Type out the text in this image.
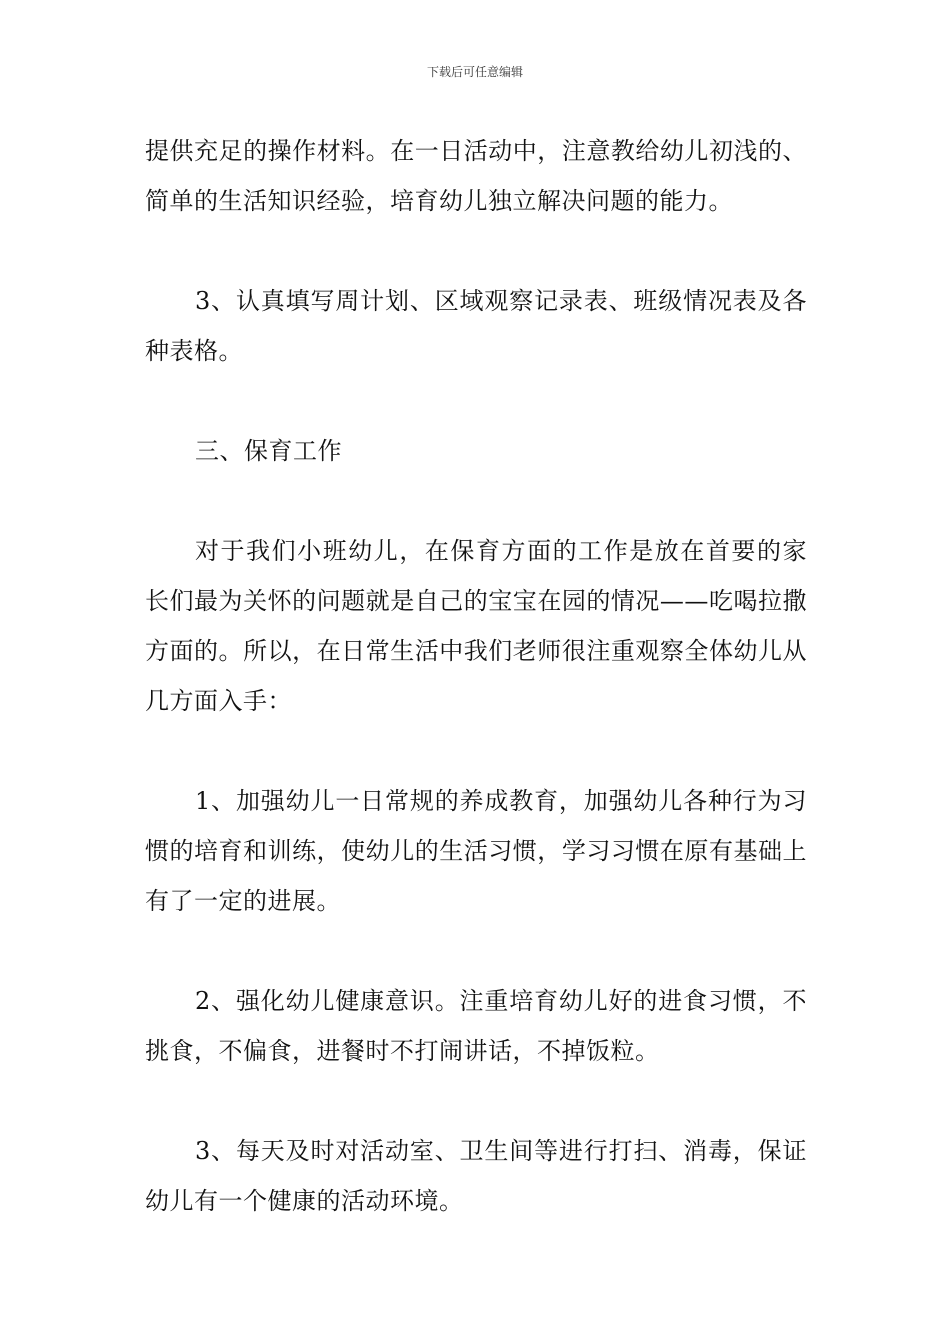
下载后可任意编辑

提供充足的操作材料。在一日活动中，注意教给幼儿初浅的、简单的生活知识经验，培育幼儿独立解决问题的能力。

3、认真填写周计划、区域观察记录表、班级情况表及各种表格。

三、保育工作

对于我们小班幼儿，在保育方面的工作是放在首要的家长们最为关怀的问题就是自己的宝宝在园的情况——吃喝拉撒方面的。所以，在日常生活中我们老师很注重观察全体幼儿从几方面入手：

1、加强幼儿一日常规的养成教育，加强幼儿各种行为习惯的培育和训练，使幼儿的生活习惯，学习习惯在原有基础上有了一定的进展。

2、强化幼儿健康意识。注重培育幼儿好的进食习惯，不挑食，不偏食，进餐时不打闹讲话，不掉饭粒。

3、每天及时对活动室、卫生间等进行打扫、消毒，保证幼儿有一个健康的活动环境。
